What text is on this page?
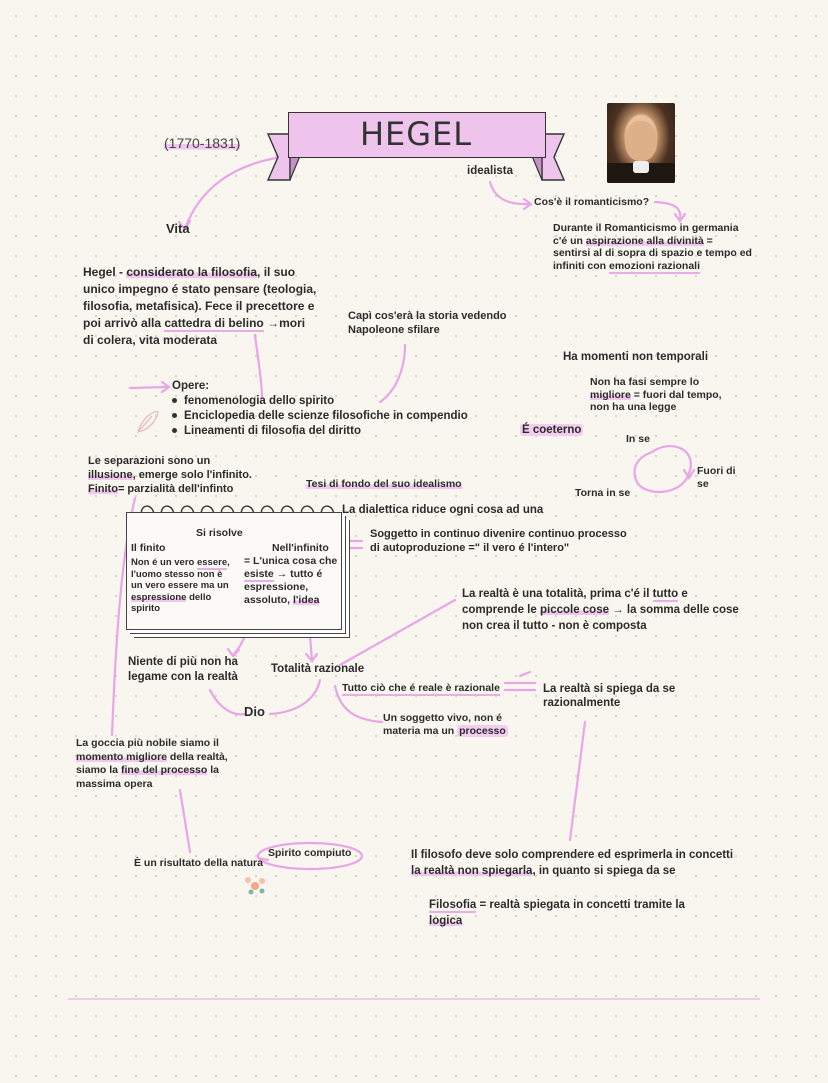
HEGEL
(1770-1831)
idealista
Cos'è il romanticismo?
Durante il Romanticismo in germania
c'é un aspirazione alla divinità =
sentirsi al di sopra di spazio e tempo ed
infiniti con emozioni razionali
Vita
Hegel - considerato la filosofia, il suo
unico impegno é stato pensare (teologia,
filosofia, metafisica). Fece il precettore e
poi arrivò alla cattedra di belino →mori
di colera, vita moderata
Capì cos'erà la storia vedendo
Napoleone sfilare
Opere:
fenomenologia dello spirito
Enciclopedia delle scienze filosofiche in compendio
Lineamenti di filosofia del diritto
Ha momenti non temporali
Non ha fasi sempre lo
migliore = fuori dal tempo,
non ha una legge
É coeterno
In se
Fuori di
se
Torna in se
Le separazioni sono un
illusione, emerge solo l'infinito.
Finito= parzialità dell'infinto	Tesi di fondo del suo idealismo
La dialettica riduce ogni cosa ad una
Soggetto in continuo divenire continuo processo
di autoproduzione =" il vero é l'intero"
Si risolve
Il finito
Non é un vero essere,
l'uomo stesso non è
un vero essere ma un
espressione dello
spirito
Nell'infinito
= L'unica cosa che
esiste → tutto é
espressione,
assoluto, l'idea	La realtà è una totalità, prima c'é il tutto e
comprende le piccole cose → la somma delle cose
non crea il tutto - non è composta
Niente di più non ha
legame con la realtà
Totalità razionale
Tutto ciò che é reale è razionale	La realtà si spiega da se
razionalmente
Dio	Un soggetto vivo, non é
materia ma un processo
La goccia più nobile siamo il
momento migliore della realtà,
siamo la fine del processo la
massima opera
È un risultato della natura
Spirito compiuto	Il filosofo deve solo comprendere ed esprimerla in concetti
la realtà non spiegarla, in quanto si spiega da se
Filosofia = realtà spiegata in concetti tramite la
logica
